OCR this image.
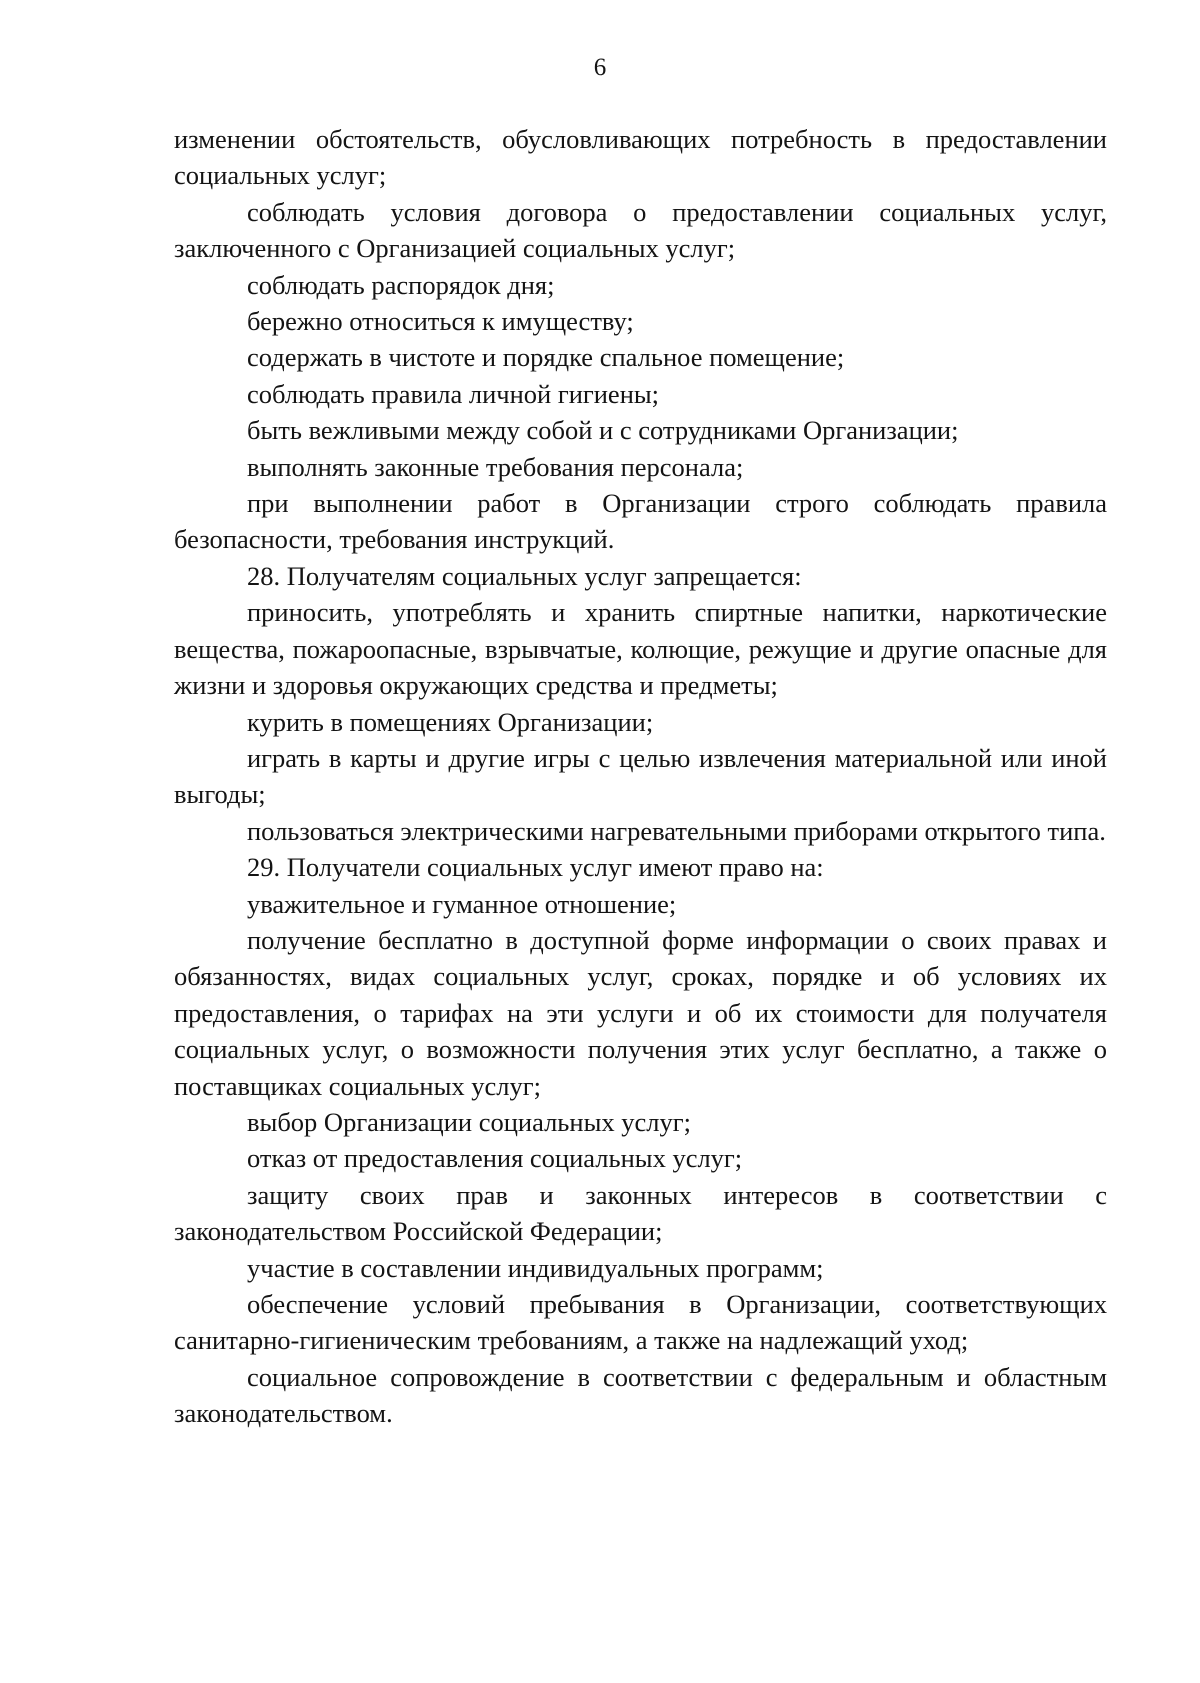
6

изменении обстоятельств, обусловливающих потребность в предоставлении социальных услуг;

соблюдать условия договора о предоставлении социальных услуг, заключенного с Организацией социальных услуг;

соблюдать распорядок дня;

бережно относиться к имуществу;

содержать в чистоте и порядке спальное помещение;

соблюдать правила личной гигиены;

быть вежливыми между собой и с сотрудниками Организации;

выполнять законные требования персонала;

при выполнении работ в Организации строго соблюдать правила безопасности, требования инструкций.

28. Получателям социальных услуг запрещается:

приносить, употреблять и хранить спиртные напитки, наркотические вещества, пожароопасные, взрывчатые, колющие, режущие и другие опасные для жизни и здоровья окружающих средства и предметы;

курить в помещениях Организации;

играть в карты и другие игры с целью извлечения материальной или иной выгоды;

пользоваться электрическими нагревательными приборами открытого типа.

29. Получатели социальных услуг имеют право на:

уважительное и гуманное отношение;

получение бесплатно в доступной форме информации о своих правах и обязанностях, видах социальных услуг, сроках, порядке и об условиях их предоставления, о тарифах на эти услуги и об их стоимости для получателя социальных услуг, о возможности получения этих услуг бесплатно, а также о поставщиках социальных услуг;

выбор Организации социальных услуг;

отказ от предоставления социальных услуг;

защиту своих прав и законных интересов в соответствии с законодательством Российской Федерации;

участие в составлении индивидуальных программ;

обеспечение условий пребывания в Организации, соответствующих санитарно-гигиеническим требованиям, а также на надлежащий уход;

социальное сопровождение в соответствии с федеральным и областным законодательством.
